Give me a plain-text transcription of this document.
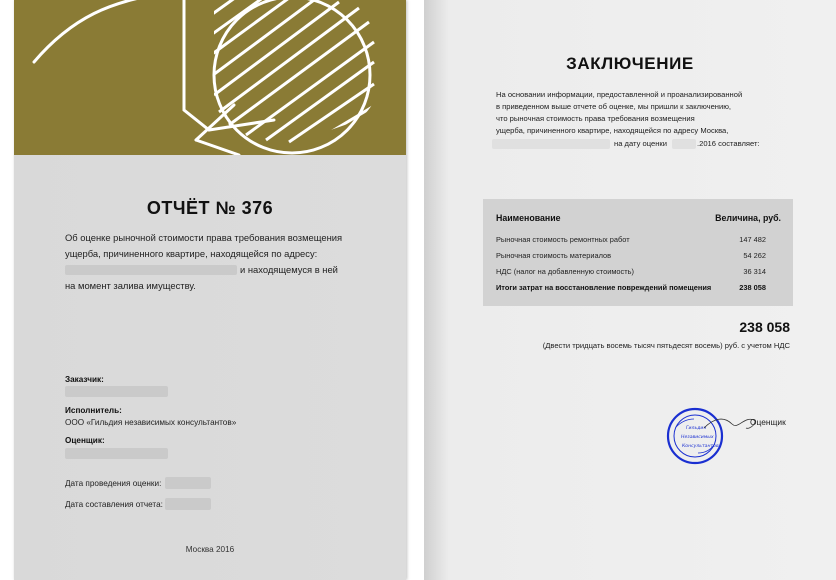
ОТЧЁТ № 376
Об оценке рыночной стоимости права требования возмещения
ущерба, причиненного квартире, находящейся по адресу:
и находящемуся в ней
на момент залива имуществу.
Заказчик:
Исполнитель:
ООО «Гильдия независимых консультантов»
Оценщик:
Дата проведения оценки:
Дата составления отчета:
Москва 2016
ЗАКЛЮЧЕНИЕ
На основании информации, предоставленной и проанализированной
в приведенном выше отчете об оценке, мы пришли к заключению,
что рыночная стоимость права требования возмещения
ущерба, причиненного квартире, находящейся по адресу Москва,
на дату оценки	.2016 составляет:
Наименование	Величина, руб.
Рыночная стоимость ремонтных работ	147 482
Рыночная стоимость материалов	54 262
НДС (налог на добавленную стоимость)	36 314
Итоги затрат на восстановление повреждений помещения	238 058
238 058
(Двести тридцать восемь тысяч пятьдесят восемь) руб. с учетом НДС
Гильдия
Независимых
Консультантов
Оценщик
